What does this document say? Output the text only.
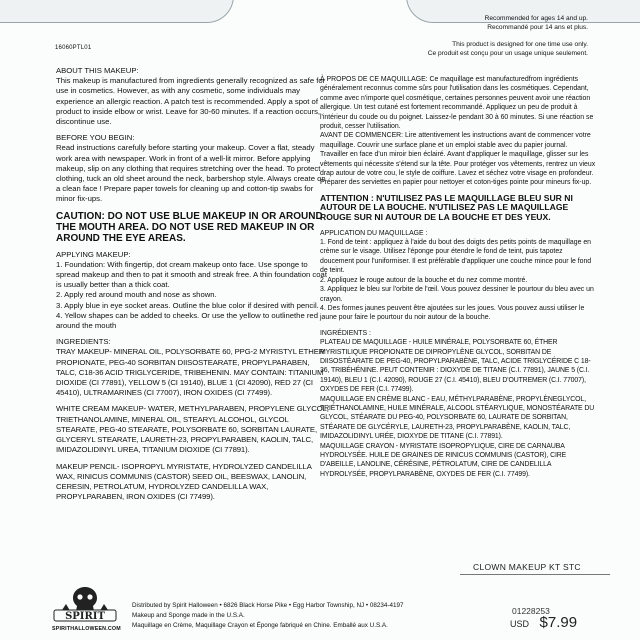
16060PTL01

Recommended for ages 14 and up.

Recommandé pour 14 ans et plus.

This product is designed for one time use only.

Ce produit est conçu pour un usage unique seulement.

ABOUT THIS MAKEUP:

This makeup is manufactured from ingredients generally recognized as safe for use in cosmetics. However, as with any cosmetic, some individuals may experience an allergic reaction. A patch test is recommended. Apply a spot of product to inside elbow or wrist. Leave for 30-60 minutes. If a reaction occurs, discontinue use.

BEFORE YOU BEGIN:

Read instructions carefully before starting your makeup. Cover a flat, steady work area with newspaper. Work in front of a well-lit mirror. Before applying makeup, slip on any clothing that requires stretching over the head. To protect clothing, tuck an old sheet around the neck, barbershop style. Always create on a clean face ! Prepare paper towels for cleaning up and cotton-tip swabs for minor fix-ups.

CAUTION: DO NOT USE BLUE MAKEUP IN OR AROUND THE MOUTH AREA. DO NOT USE RED MAKEUP IN OR AROUND THE EYE AREAS.

APPLYING MAKEUP:

1. Foundation: With fingertip, dot cream makeup onto face. Use sponge to spread makeup and then to pat it smooth and streak free. A thin foundation coat is usually better than a thick coat.

2. Apply red around mouth and nose as shown.

3. Apply blue in eye socket areas. Outline the blue color if desired with pencil.

4. Yellow shapes can be added to cheeks. Or use the yellow to outlinethe red around the mouth

INGREDIENTS:

TRAY MAKEUP- MINERAL OIL, POLYSORBATE 60, PPG-2 MYRISTYL ETHER PROPIONATE, PEG-40 SORBITAN DIISOSTEARATE, PROPYLPARABEN, TALC, C18-36 ACID TRIGLYCERIDE, TRIBEHENIN. MAY CONTAIN: TITANIUM DIOXIDE (CI 77891), YELLOW 5 (CI 19140), BLUE 1 (CI 42090), RED 27 (CI 45410), ULTRAMARINES (CI 77007), IRON OXIDES (CI 77499).

WHITE CREAM MAKEUP- WATER, METHYLPARABEN, PROPYLENE GLYCOL, TRIETHANOLAMINE, MINERAL OIL, STEARYL ALCOHOL, GLYCOL STEARATE, PEG-40 STEARATE, POLYSORBATE 60, SORBITAN LAURATE, GLYCERYL STEARATE, LAURETH-23, PROPYLPARABEN, KAOLIN, TALC, IMIDAZOLIDINYL UREA, TITANIUM DIOXIDE (CI 77891).

MAKEUP PENCIL- ISOPROPYL MYRISTATE, HYDROLYZED CANDELILLA WAX, RINICUS COMMUNIS (CASTOR) SEED OIL, BEESWAX, LANOLIN, CERESIN, PETROLATUM, HYDROLYZED CANDELILLA WAX, PROPYLPARABEN, IRON OXIDES (CI 77499).

À PROPOS DE CE MAQUILLAGE: Ce maquillage est manufacturedfrom ingrédients généralement reconnus comme sûrs pour l'utilisation dans les cosmétiques. Cependant, comme avec n'importe quel cosmétique, certaines personnes peuvent avoir une réaction allergique. Un test cutané est fortement recommandé. Appliquez un peu de produit à l'intérieur du coude ou du poignet. Laissez-le pendant 30 à 60 minutes. Si une réaction se produit, cesser l'utilisation.

AVANT DE COMMENCER: Lire attentivement les instructions avant de commencer votre maquillage. Couvrir une surface plane et un emploi stable avec du papier journal. Travailler en face d'un miroir bien éclairé. Avant d'appliquer le maquillage, glisser sur les vêtements qui nécessite s'étend sur la tête. Pour protéger vos vêtements, rentrez un vieux drap autour de votre cou, le style de coiffure. Lavez et séchez votre visage en profondeur. Préparer des serviettes en papier pour nettoyer et coton-tiges pointe pour mineurs fix-up.

ATTENTION : N'UTILISEZ PAS LE MAQUILLAGE BLEU SUR NI AUTOUR DE LA BOUCHE. N'UTILISEZ PAS LE MAQUILLAGE ROUGE SUR NI AUTOUR DE LA BOUCHE ET DES YEUX.

APPLICATION DU MAQUILLAGE :

1. Fond de teint : appliquez à l'aide du bout des doigts des petits points de maquillage en crème sur le visage. Utilisez l'éponge pour étendre le fond de teint, puis tapotez doucement pour l'uniformiser. Il est préférable d'appliquer une couche mince pour le fond de teint.

2. Appliquez le rouge autour de la bouche et du nez comme montré.

3. Appliquez le bleu sur l'orbite de l'œil. Vous pouvez dessiner le pourtour du bleu avec un crayon.

4. Des formes jaunes peuvent être ajoutées sur les joues. Vous pouvez aussi utiliser le jaune pour faire le pourtour du noir autour de la bouche.

INGRÉDIENTS :

PLATEAU DE MAQUILLAGE - HUILE MINÉRALE, POLYSORBATE 60, ÉTHER MYRISTILIQUE PROPIONATE DE DIPROPYLÈNE GLYCOL, SORBITAN DE DIISOSTÉARATE DE PEG-40, PROPYLPARABÈNE, TALC, ACIDE TRIGLYCÉRIDE C 18-36, TRIBÉHÉNINE. PEUT CONTENIR : DIOXYDE DE TITANE (C.I. 77891), JAUNE 5 (C.I. 19140), BLEU 1 (C.I. 42090), ROUGE 27 (C.I. 45410), BLEU D'OUTREMER (C.I. 77007), OXYDES DE FER (C.I. 77499).

MAQUILLAGE EN CRÈME BLANC - EAU, MÉTHYLPARABÈNE, PROPYLÈNEGLYCOL, TRIÉTHANOLAMINE, HUILE MINÉRALE, ALCOOL STÉARYLIQUE, MONOSTÉARATE DU GLYCOL, STÉARATE DU PEG-40, POLYSORBATE 60, LAURATE DE SORBITAN, STÉARATE DE GLYCÉRYLE, LAURETH-23, PROPYLPARABÈNE, KAOLIN, TALC, IMIDAZOLIDINYL URÉE, DIOXYDE DE TITANE (C.I. 77891).

MAQUILLAGE CRAYON - MYRISTATE ISOPROPYLIQUE, CIRE DE CARNAUBA HYDROLYSÉE. HUILE DE GRAINES DE RINICUS COMMUNIS (CASTOR), CIRE D'ABEILLE, LANOLINE, CÉRÉSINE, PÉTROLATUM, CIRE DE CANDELILLA HYDROLYSÉE, PROPYLPARABÈNE, OXYDES DE FER (C.I. 77499).

CLOWN MAKEUP KT STC
01228253
USD $7.99
SPIRIT
SPIRITHALLOWEEN.COM

Distributed by Spirit Halloween • 6826 Black Horse Pike • Egg Harbor Township, NJ • 08234-4197

Makeup and Sponge made in the U.S.A.

Maquillage en Crème, Maquillage Crayon et Éponge fabriqué en Chine. Emballé aux U.S.A.
